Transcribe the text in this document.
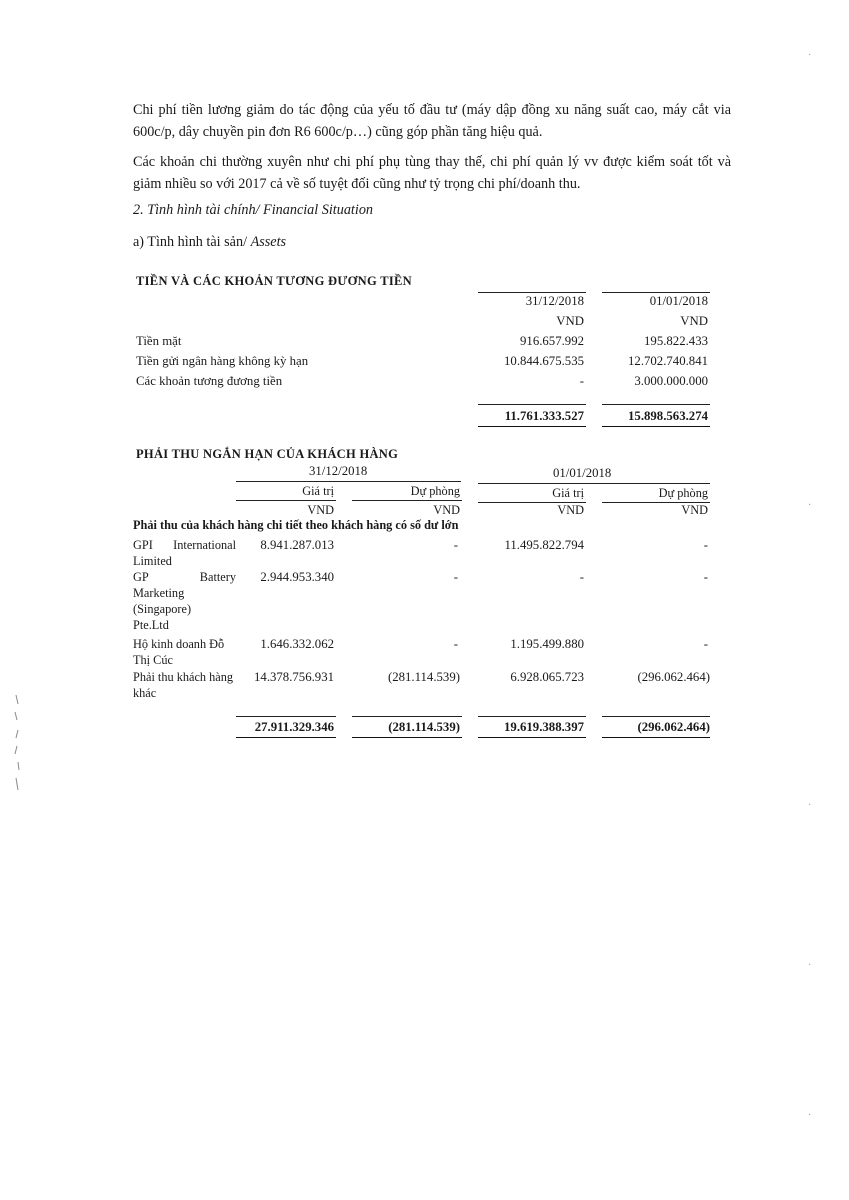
Chi phí tiền lương giảm do tác động của yếu tố đầu tư (máy dập đồng xu năng suất cao, máy cắt via
600c/p, dây chuyền pin đơn R6 600c/p…) cũng góp phần tăng hiệu quả.
Các khoản chi thường xuyên như chi phí phụ tùng thay thế, chi phí quản lý vv được kiểm soát tốt và
giảm nhiều so với 2017 cả về số tuyệt đối cũng như tỷ trọng chi phí/doanh thu.
2. Tình hình tài chính/ Financial Situation
a) Tình hình tài sản/ Assets
TIỀN VÀ CÁC KHOẢN TƯƠNG ĐƯƠNG TIỀN
31/12/2018	01/01/2018
VND	VND
Tiền mặt	916.657.992	195.822.433
Tiền gửi ngân hàng không kỳ hạn	10.844.675.535	12.702.740.841
Các khoản tương đương tiền	-	3.000.000.000
11.761.333.527	15.898.563.274
PHẢI THU NGẮN HẠN CỦA KHÁCH HÀNG
31/12/2018	01/01/2018
Giá trị	Dự phòng	Giá trị	Dự phòng
VND	VND	VND	VND
Phải thu của khách hàng chi tiết theo khách hàng có số dư lớn
GPI International
Limited
8.941.287.013	-	11.495.822.794	-
GP	Battery
Marketing
(Singapore)
Pte.Ltd
2.944.953.340	-	-	-
Hộ kinh doanh Đỗ
Thị Cúc
1.646.332.062	-	1.195.499.880	-
Phải thu khách hàng
khác
14.378.756.931	(281.114.539)	6.928.065.723	(296.062.464)
27.911.329.346	(281.114.539)	19.619.388.397	(296.062.464)
·
·
·
·
·
